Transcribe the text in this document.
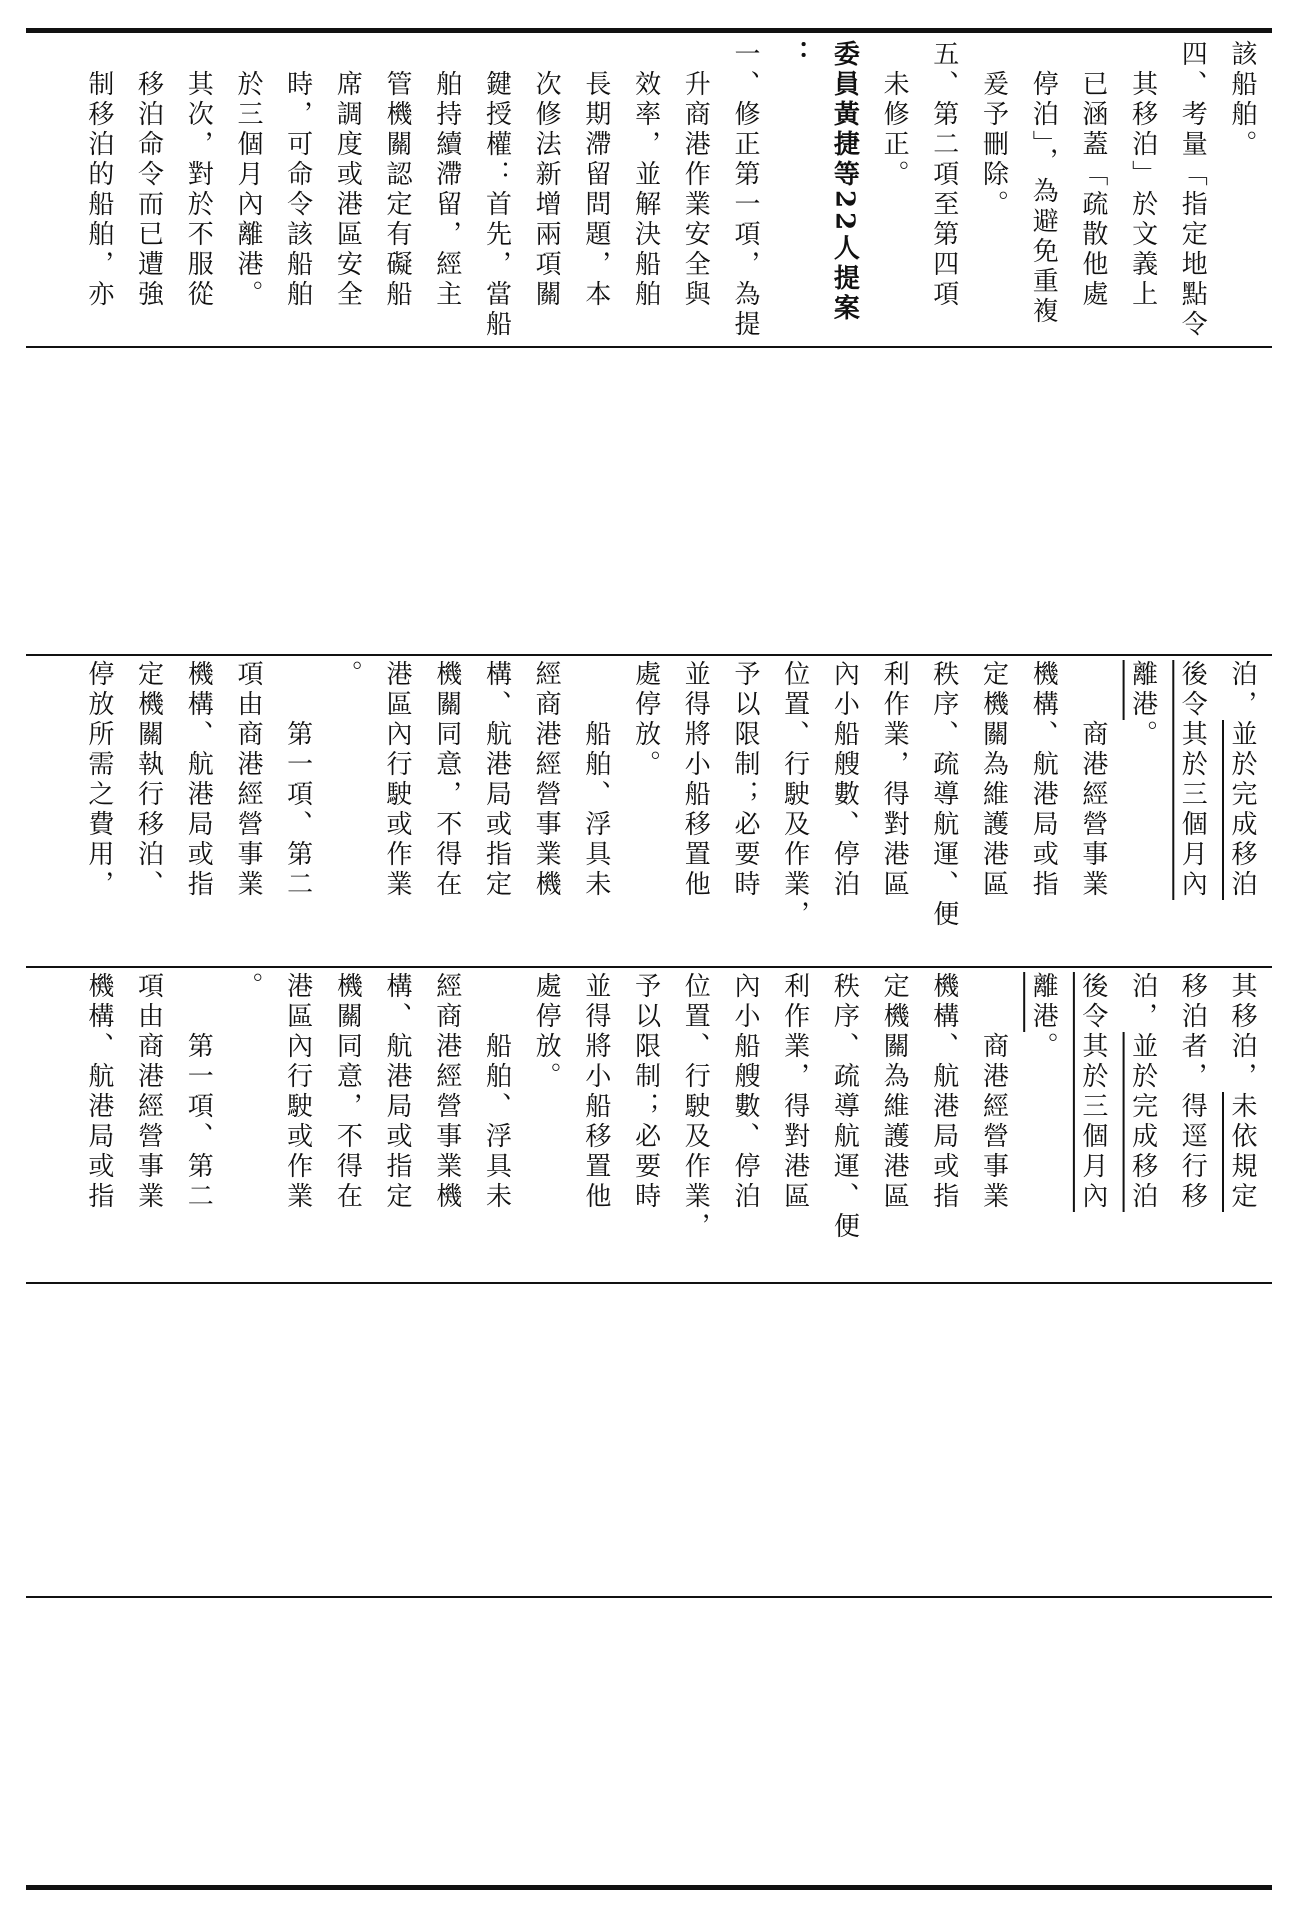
該船舶。
四、考量「指定地點令
其移泊」於文義上
已涵蓋「疏散他處
停泊」，為避免重複
爰予刪除。
五、第二項至第四項
未修正。
委員黃捷等22人提案
：
一、修正第一項，為提
升商港作業安全與
效率，並解決船舶
長期滯留問題，本
次修法新增兩項關
鍵授權：首先，當船
舶持續滯留，經主
管機關認定有礙船
席調度或港區安全
時，可命令該船舶
於三個月內離港。
其次，對於不服從
移泊命令而已遭強
制移泊的船舶，亦
泊，並於完成移泊
後令其於三個月內
離港。
商港經營事業
機構、航港局或指
定機關為維護港區
秩序、疏導航運、便
利作業，得對港區
內小船艘數、停泊
位置、行駛及作業，
予以限制；必要時
並得將小船移置他
處停放。
船舶、浮具未
經商港經營事業機
構、航港局或指定
機關同意，不得在
港區內行駛或作業
。
第一項、第二
項由商港經營事業
機構、航港局或指
定機關執行移泊、
停放所需之費用，
其移泊，未依規定
移泊者，得逕行移
泊，並於完成移泊
後令其於三個月內
離港。
商港經營事業
機構、航港局或指
定機關為維護港區
秩序、疏導航運、便
利作業，得對港區
內小船艘數、停泊
位置、行駛及作業，
予以限制；必要時
並得將小船移置他
處停放。
船舶、浮具未
經商港經營事業機
構、航港局或指定
機關同意，不得在
港區內行駛或作業
。
第一項、第二
項由商港經營事業
機構、航港局或指
